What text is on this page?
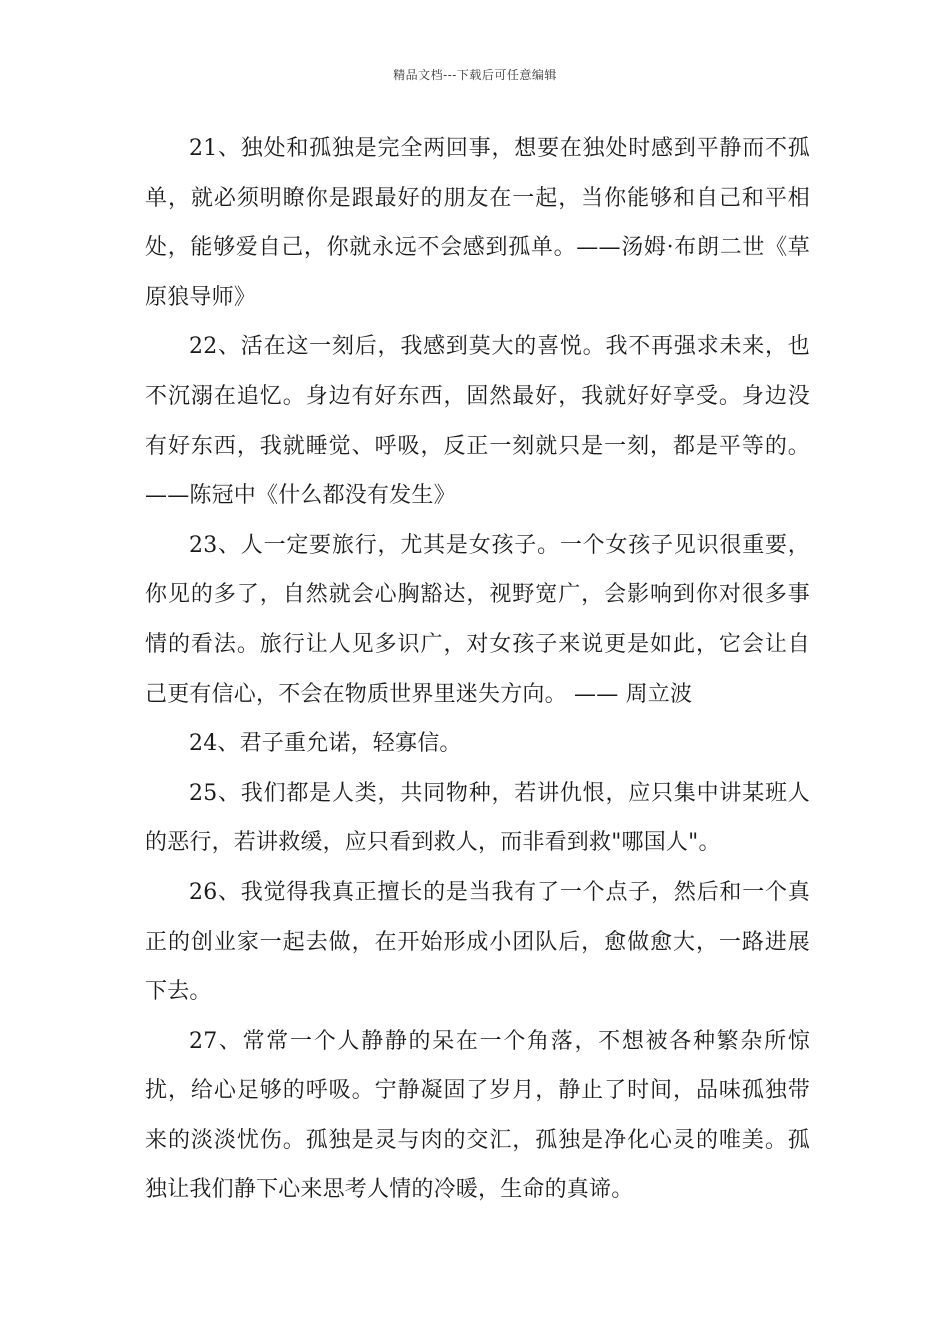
精品文档---下载后可任意编辑

21、独处和孤独是完全两回事，想要在独处时感到平静而不孤单，就必须明瞭你是跟最好的朋友在一起，当你能够和自己和平相处，能够爱自己，你就永远不会感到孤单。——汤姆·布朗二世《草原狼导师》

22、活在这一刻后，我感到莫大的喜悦。我不再强求未来，也不沉溺在追忆。身边有好东西，固然最好，我就好好享受。身边没有好东西，我就睡觉、呼吸，反正一刻就只是一刻，都是平等的。——陈冠中《什么都没有发生》

23、人一定要旅行，尤其是女孩子。一个女孩子见识很重要，你见的多了，自然就会心胸豁达，视野宽广，会影响到你对很多事情的看法。旅行让人见多识广，对女孩子来说更是如此，它会让自己更有信心，不会在物质世界里迷失方向。 —— 周立波

24、君子重允诺，轻寡信。

25、我们都是人类，共同物种，若讲仇恨，应只集中讲某班人的恶行，若讲救缓，应只看到救人，而非看到救"哪国人"。

26、我觉得我真正擅长的是当我有了一个点子，然后和一个真正的创业家一起去做，在开始形成小团队后，愈做愈大，一路进展下去。

27、常常一个人静静的呆在一个角落，不想被各种繁杂所惊扰，给心足够的呼吸。宁静凝固了岁月，静止了时间，品味孤独带来的淡淡忧伤。孤独是灵与肉的交汇，孤独是净化心灵的唯美。孤独让我们静下心来思考人情的冷暖，生命的真谛。
